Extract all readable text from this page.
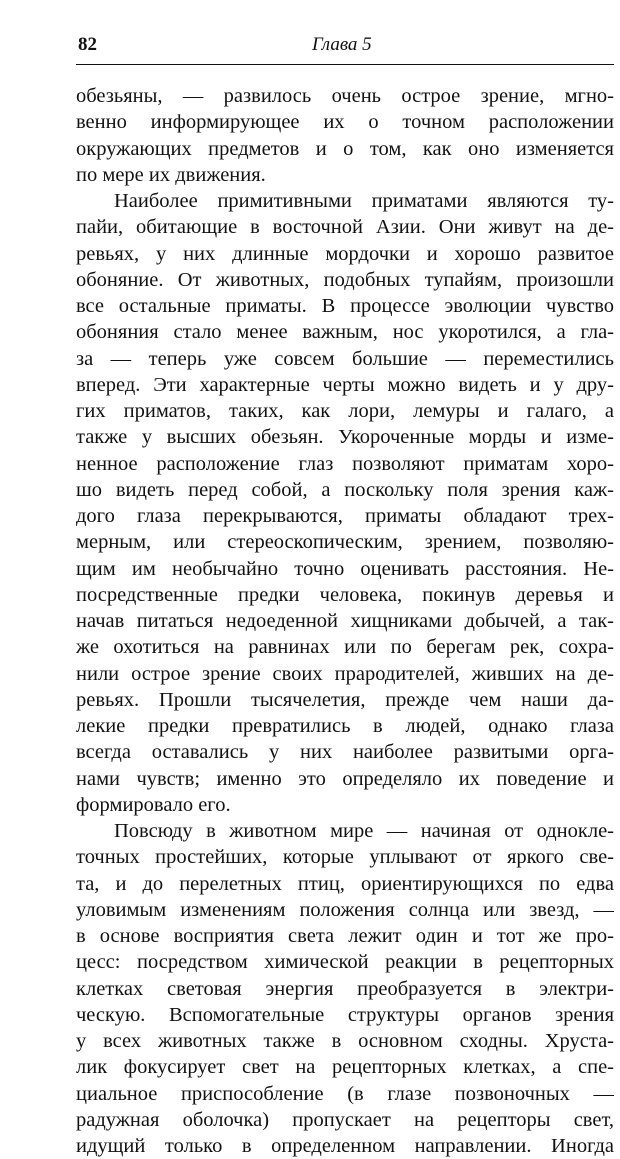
82	Глава 5
обезьяны, — развилось очень острое зрение, мгно-
венно информирующее их о точном расположении
окружающих предметов и о том, как оно изменяется
по мере их движения.
Наиболее примитивными приматами являются ту-
пайи, обитающие в восточной Азии. Они живут на де-
ревьях, у них длинные мордочки и хорошо развитое
обоняние. От животных, подобных тупайям, произошли
все остальные приматы. В процессе эволюции чувство
обоняния стало менее важным, нос укоротился, а гла-
за — теперь уже совсем большие — переместились
вперед. Эти характерные черты можно видеть и у дру-
гих приматов, таких, как лори, лемуры и галаго, а
также у высших обезьян. Укороченные морды и изме-
ненное расположение глаз позволяют приматам хоро-
шо видеть перед собой, а поскольку поля зрения каж-
дого глаза перекрываются, приматы обладают трех-
мерным, или стереоскопическим, зрением, позволяю-
щим им необычайно точно оценивать расстояния. Не-
посредственные предки человека, покинув деревья и
начав питаться недоеденной хищниками добычей, а так-
же охотиться на равнинах или по берегам рек, сохра-
нили острое зрение своих прародителей, живших на де-
ревьях. Прошли тысячелетия, прежде чем наши да-
лекие предки превратились в людей, однако глаза
всегда оставались у них наиболее развитыми орга-
нами чувств; именно это определяло их поведение и
формировало его.
Повсюду в животном мире — начиная от однокле-
точных простейших, которые уплывают от яркого све-
та, и до перелетных птиц, ориентирующихся по едва
уловимым изменениям положения солнца или звезд, —
в основе восприятия света лежит один и тот же про-
цесс: посредством химической реакции в рецепторных
клетках световая энергия преобразуется в электри-
ческую. Вспомогательные структуры органов зрения
у всех животных также в основном сходны. Хруста-
лик фокусирует свет на рецепторных клетках, а спе-
циальное приспособление (в глазе позвоночных —
радужная оболочка) пропускает на рецепторы свет,
идущий только в определенном направлении. Иногда
